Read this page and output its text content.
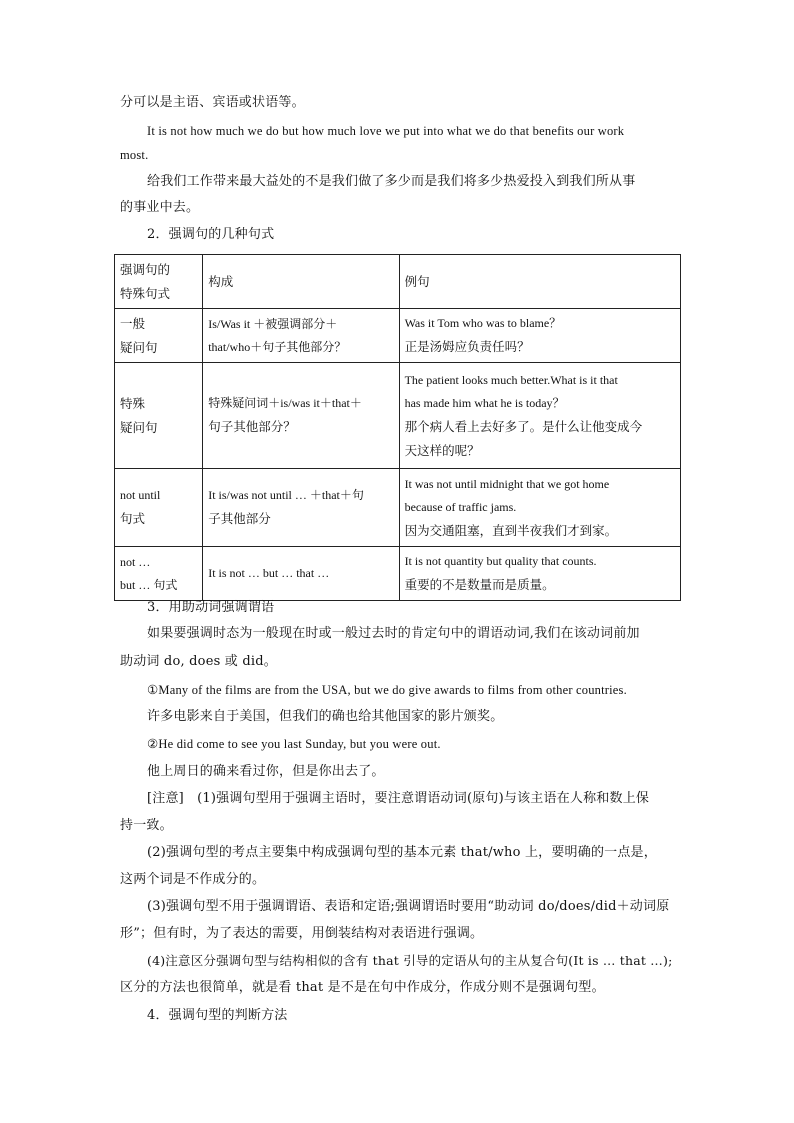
分可以是主语、宾语或状语等。
It is not how much we do but how much love we put into what we do that benefits our work
most.
给我们工作带来最大益处的不是我们做了多少而是我们将多少热爱投入到我们所从事
的事业中去。
2．强调句的几种句式
强调句的
特殊句式	构成	例句

一般
疑问句	Is/Was it ＋被强调部分＋
that/who＋句子其他部分？	Was it Tom who was to blame？
正是汤姆应负责任吗？

特殊
疑问句	特殊疑问词＋is/was it＋that＋
句子其他部分？	The patient looks much better.What is it that
has made him what he is today？
那个病人看上去好多了。是什么让他变成今
天这样的呢？

not until
句式	It is/was not until … ＋that＋句
子其他部分	It was not until midnight that we got home
because of traffic jams.
因为交通阻塞，直到半夜我们才到家。

not …
but … 句式	It is not … but … that …	It is not quantity but quality that counts.
重要的不是数量而是质量。
3．用助动词强调谓语
如果要强调时态为一般现在时或一般过去时的肯定句中的谓语动词,我们在该动词前加
助动词 do, does 或 did。
①Many of the films are from the USA, but we do give awards to films from other countries.
许多电影来自于美国，但我们的确也给其他国家的影片颁奖。
②He did come to see you last Sunday, but you were out.
他上周日的确来看过你，但是你出去了。
[注意]　(1)强调句型用于强调主语时，要注意谓语动词(原句)与该主语在人称和数上保
持一致。
(2)强调句型的考点主要集中构成强调句型的基本元素 that/who 上，要明确的一点是，
这两个词是不作成分的。
(3)强调句型不用于强调谓语、表语和定语;强调谓语时要用“助动词 do/does/did＋动词原
形”；但有时，为了表达的需要，用倒装结构对表语进行强调。
(4)注意区分强调句型与结构相似的含有 that 引导的定语从句的主从复合句(It is … that …);
区分的方法也很简单，就是看 that 是不是在句中作成分，作成分则不是强调句型。
4．强调句型的判断方法
